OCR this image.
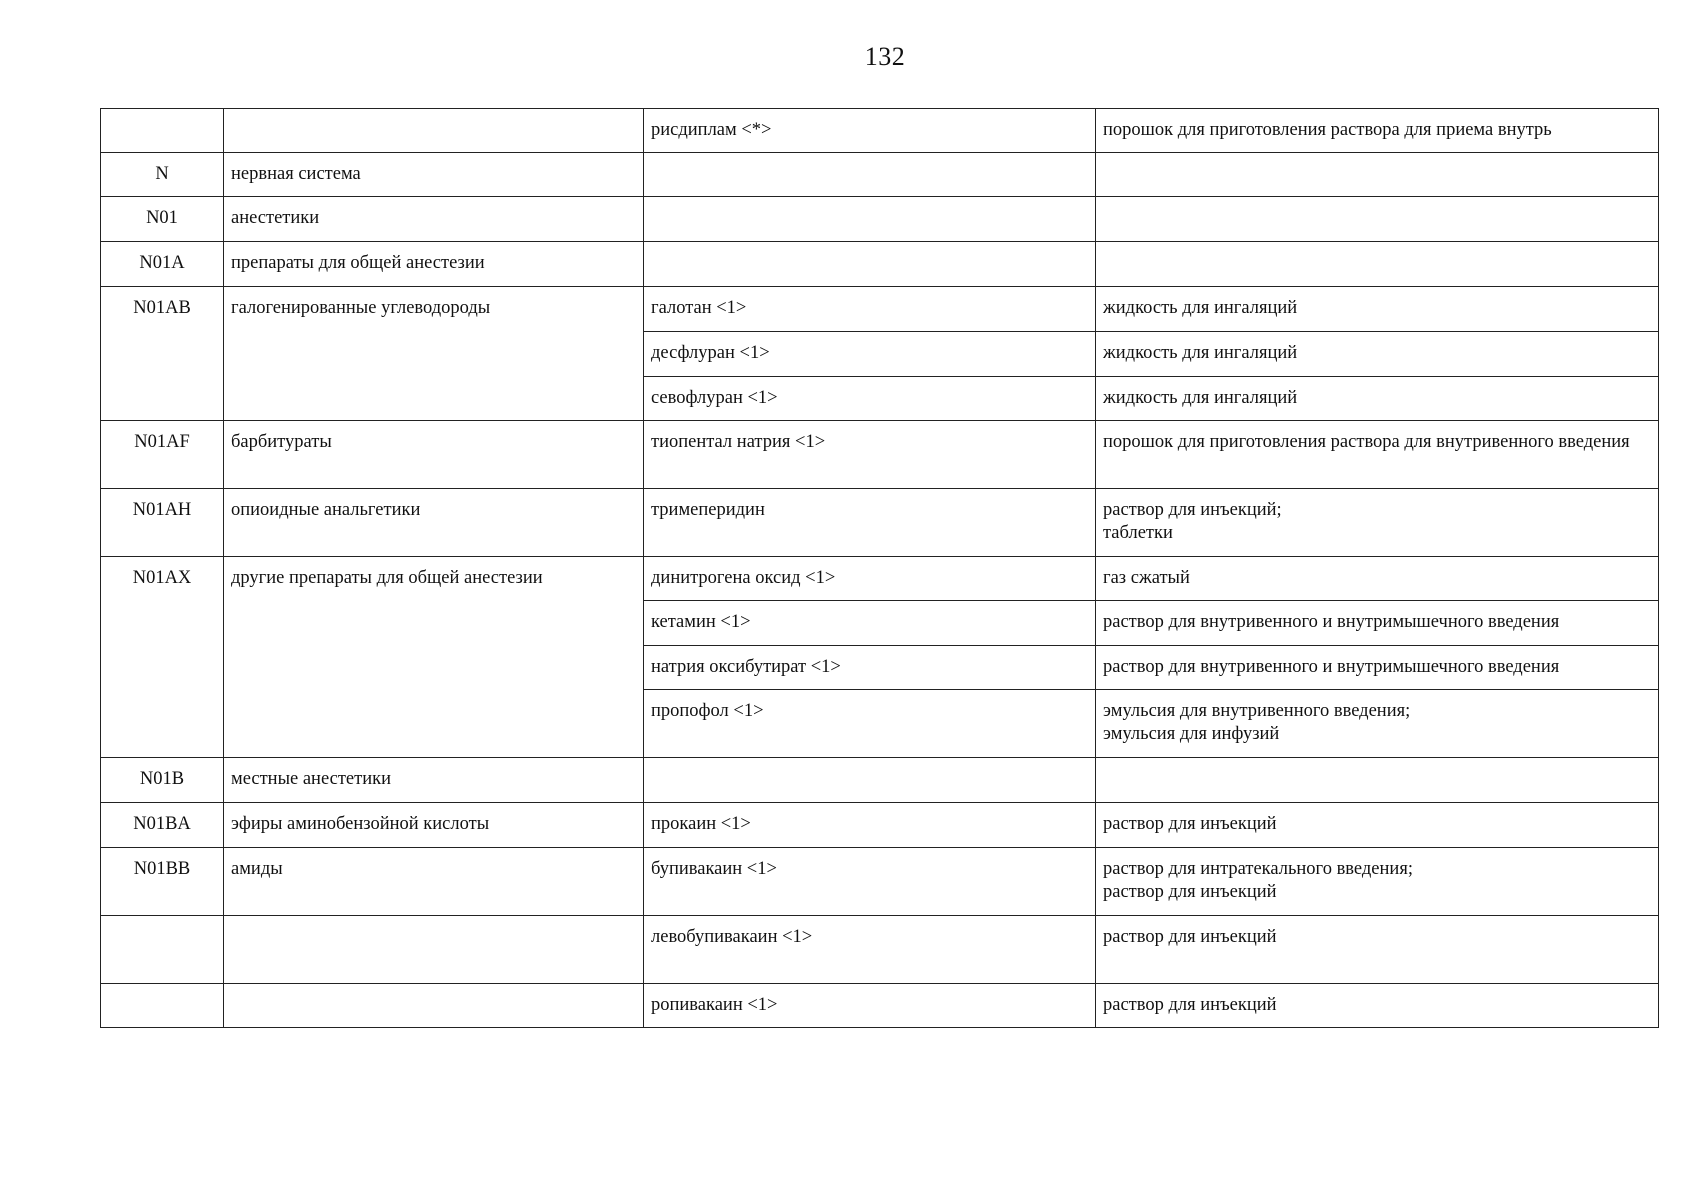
132
		рисдиплам <*>	порошок для приготовления раствора для приема внутрь

N	нервная система		
N01	анестетики		
N01A	препараты для общей анестезии		
N01AB	галогенированные углеводороды	галотан <1>	жидкость для ингаляций

		десфлуран <1>	жидкость для ингаляций

		севофлуран <1>	жидкость для ингаляций

N01AF	барбитураты	тиопентал натрия <1>	порошок для приготовления раствора для внутривенного введения

N01AH	опиоидные анальгетики	тримеперидин	раствор для инъекций;
таблетки

N01AX	другие препараты для общей анестезии	динитрогена оксид <1>	газ сжатый

		кетамин <1>	раствор для внутривенного и внутримышечного введения

		натрия оксибутират <1>	раствор для внутривенного и внутримышечного введения

		пропофол <1>	эмульсия для внутривенного введения;
эмульсия для инфузий

N01B	местные анестетики		
N01BA	эфиры аминобензойной кислоты	прокаин <1>	раствор для инъекций

N01BB	амиды	бупивакаин <1>	раствор для интратекального введения;
раствор для инъекций

		левобупивакаин <1>	раствор для инъекций

		ропивакаин <1>	раствор для инъекций
